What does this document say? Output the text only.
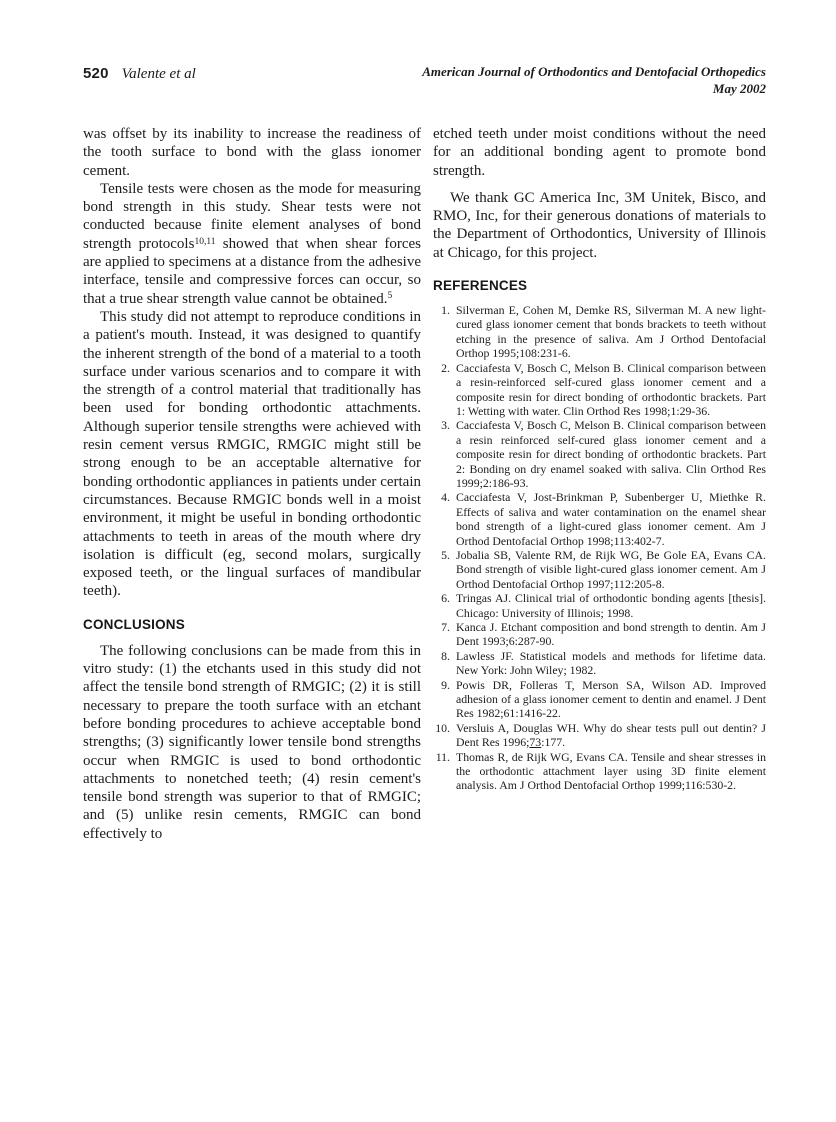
520 Valente et al	American Journal of Orthodontics and Dentofacial Orthopedics
May 2002

was offset by its inability to increase the readiness of the tooth surface to bond with the glass ionomer cement.

Tensile tests were chosen as the mode for measuring bond strength in this study. Shear tests were not conducted because finite element analyses of bond strength protocols$^{10,11}$ showed that when shear forces are applied to specimens at a distance from the adhesive interface, tensile and compressive forces can occur, so that a true shear strength value cannot be obtained.$^5$

This study did not attempt to reproduce conditions in a patient's mouth. Instead, it was designed to quantify the inherent strength of the bond of a material to a tooth surface under various scenarios and to compare it with the strength of a control material that traditionally has been used for bonding orthodontic attachments. Although superior tensile strengths were achieved with resin cement versus RMGIC, RMGIC might still be strong enough to be an acceptable alternative for bonding orthodontic appliances in patients under certain circumstances. Because RMGIC bonds well in a moist environment, it might be useful in bonding orthodontic attachments to teeth in areas of the mouth where dry isolation is difficult (eg, second molars, surgically exposed teeth, or the lingual surfaces of mandibular teeth).

CONCLUSIONS

The following conclusions can be made from this in vitro study: (1) the etchants used in this study did not affect the tensile bond strength of RMGIC; (2) it is still necessary to prepare the tooth surface with an etchant before bonding procedures to achieve acceptable bond strengths; (3) significantly lower tensile bond strengths occur when RMGIC is used to bond orthodontic attachments to nonetched teeth; (4) resin cement's tensile bond strength was superior to that of RMGIC; and (5) unlike resin cements, RMGIC can bond effectively to

etched teeth under moist conditions without the need for an additional bonding agent to promote bond strength.

We thank GC America Inc, 3M Unitek, Bisco, and RMO, Inc, for their generous donations of materials to the Department of Orthodontics, University of Illinois at Chicago, for this project.

REFERENCES
1. Silverman E, Cohen M, Demke RS, Silverman M. A new light-cured glass ionomer cement that bonds brackets to teeth without etching in the presence of saliva. Am J Orthod Dentofacial Orthop 1995;108:231-6.
2. Cacciafesta V, Bosch C, Melson B. Clinical comparison between a resin-reinforced self-cured glass ionomer cement and a composite resin for direct bonding of orthodontic brackets. Part 1: Wetting with water. Clin Orthod Res 1998;1:29-36.
3. Cacciafesta V, Bosch C, Melson B. Clinical comparison between a resin reinforced self-cured glass ionomer cement and a composite resin for direct bonding of orthodontic brackets. Part 2: Bonding on dry enamel soaked with saliva. Clin Orthod Res 1999;2:186-93.
4. Cacciafesta V, Jost-Brinkman P, Subenberger U, Miethke R. Effects of saliva and water contamination on the enamel shear bond strength of a light-cured glass ionomer cement. Am J Orthod Dentofacial Orthop 1998;113:402-7.
5. Jobalia SB, Valente RM, de Rijk WG, Be Gole EA, Evans CA. Bond strength of visible light-cured glass ionomer cement. Am J Orthod Dentofacial Orthop 1997;112:205-8.
6. Tringas AJ. Clinical trial of orthodontic bonding agents [thesis]. Chicago: University of Illinois; 1998.
7. Kanca J. Etchant composition and bond strength to dentin. Am J Dent 1993;6:287-90.
8. Lawless JF. Statistical models and methods for lifetime data. New York: John Wiley; 1982.
9. Powis DR, Folleras T, Merson SA, Wilson AD. Improved adhesion of a glass ionomer cement to dentin and enamel. J Dent Res 1982;61:1416-22.
10. Versluis A, Douglas WH. Why do shear tests pull out dentin? J Dent Res 1996;73:177.
11. Thomas R, de Rijk WG, Evans CA. Tensile and shear stresses in the orthodontic attachment layer using 3D finite element analysis. Am J Orthod Dentofacial Orthop 1999;116:530-2.
